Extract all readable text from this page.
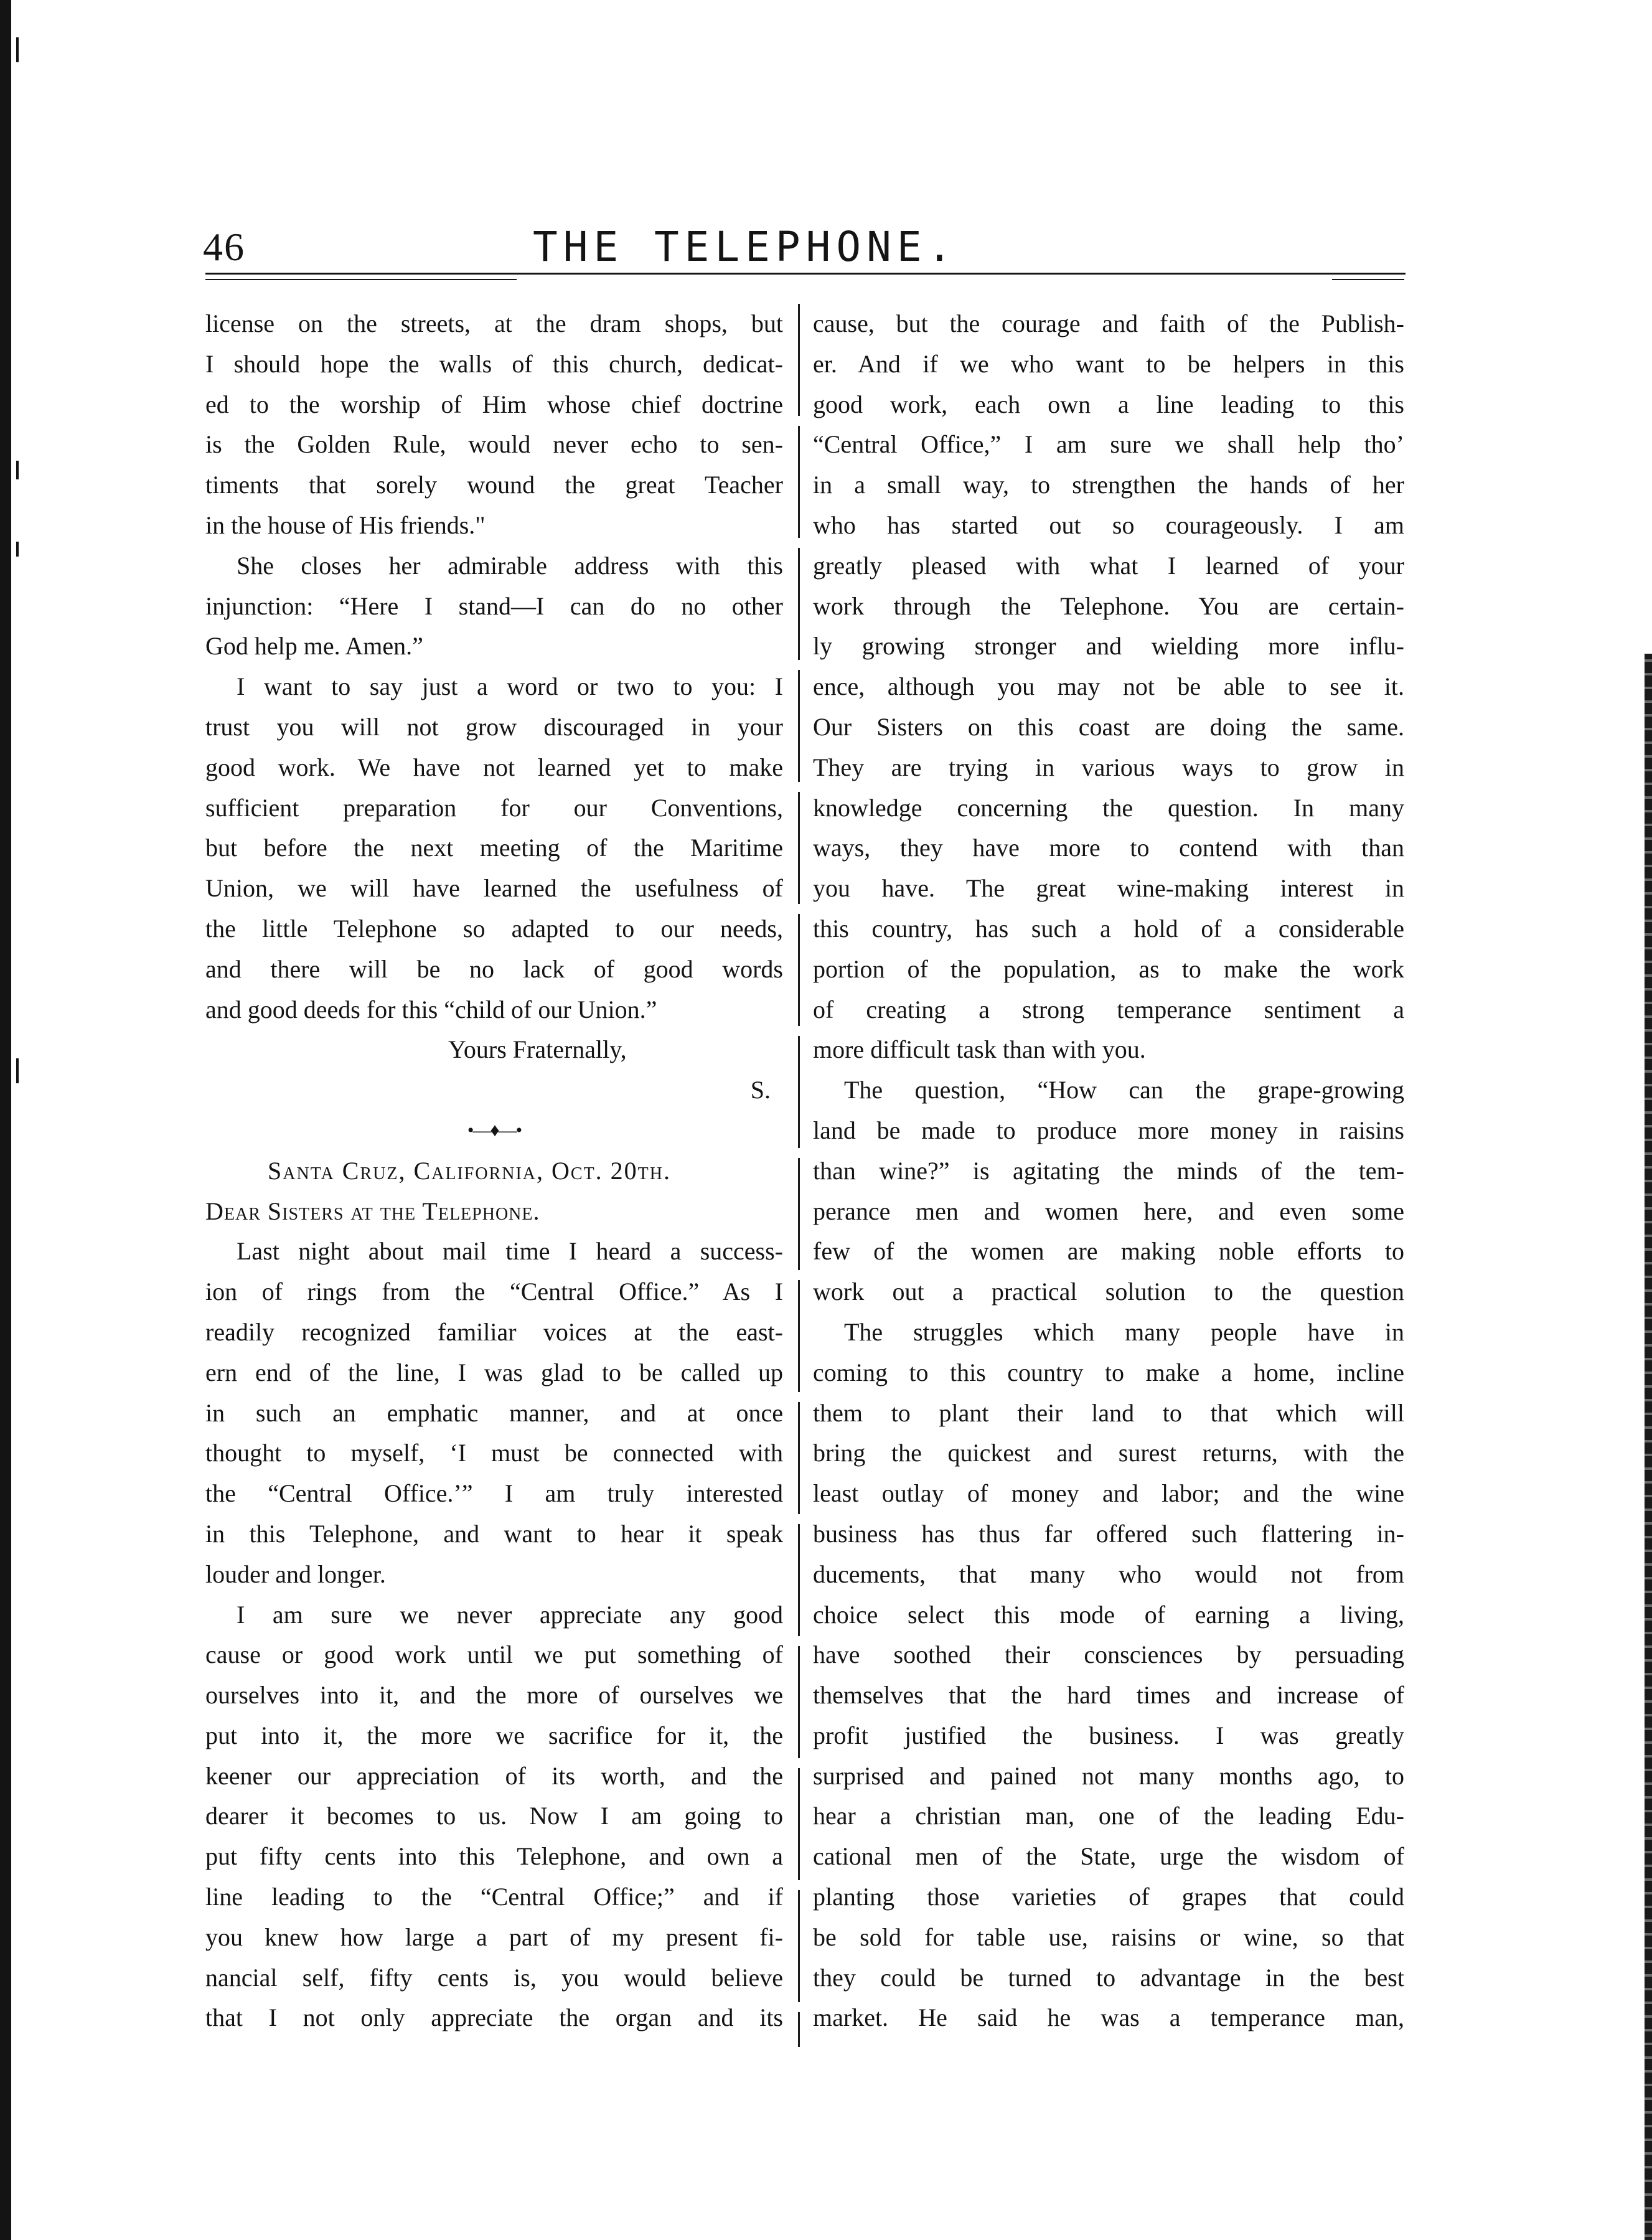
46	THE TELEPHONE.

license on the streets, at the dram shops, but
I should hope the walls of this church, dedicat-
ed to the worship of Him whose chief doctrine
is the Golden Rule, would never echo to sen-
timents that sorely wound the great Teacher
in the house of His friends."

She closes her admirable address with this
injunction: “Here I stand—I can do no other
God help me. Amen.”

I want to say just a word or two to you: I
trust you will not grow discouraged in your
good work. We have not learned yet to make
sufficient preparation for our Conventions,
but before the next meeting of the Maritime
Union, we will have learned the usefulness of
the little Telephone so adapted to our needs,
and there will be no lack of good words
and good deeds for this “child of our Union.”

Yours Fraternally,
S.
•—♦—•
Santa Cruz, California, Oct. 20th.
Dear Sisters at the Telephone.

Last night about mail time I heard a success-
ion of rings from the “Central Office.” As I
readily recognized familiar voices at the east-
ern end of the line, I was glad to be called up
in such an emphatic manner, and at once
thought to myself, ‘I must be connected with
the “Central Office.’” I am truly interested
in this Telephone, and want to hear it speak
louder and longer.

I am sure we never appreciate any good
cause or good work until we put something of
ourselves into it, and the more of ourselves we
put into it, the more we sacrifice for it, the
keener our appreciation of its worth, and the
dearer it becomes to us. Now I am going to
put fifty cents into this Telephone, and own a
line leading to the “Central Office;” and if
you knew how large a part of my present fi-
nancial self, fifty cents is, you would believe
that I not only appreciate the organ and its

cause, but the courage and faith of the Publish-
er. And if we who want to be helpers in this
good work, each own a line leading to this
“Central Office,” I am sure we shall help tho’
in a small way, to strengthen the hands of her
who has started out so courageously. I am
greatly pleased with what I learned of your
work through the Telephone. You are certain-
ly growing stronger and wielding more influ-
ence, although you may not be able to see it.
Our Sisters on this coast are doing the same.
They are trying in various ways to grow in
knowledge concerning the question. In many
ways, they have more to contend with than
you have. The great wine-making interest in
this country, has such a hold of a considerable
portion of the population, as to make the work
of creating a strong temperance sentiment a
more difficult task than with you.

The question, “How can the grape-growing
land be made to produce more money in raisins
than wine?” is agitating the minds of the tem-
perance men and women here, and even some
few of the women are making noble efforts to
work out a practical solution to the question

The struggles which many people have in
coming to this country to make a home, incline
them to plant their land to that which will
bring the quickest and surest returns, with the
least outlay of money and labor; and the wine
business has thus far offered such flattering in-
ducements, that many who would not from
choice select this mode of earning a living,
have soothed their consciences by persuading
themselves that the hard times and increase of
profit justified the business. I was greatly
surprised and pained not many months ago, to
hear a christian man, one of the leading Edu-
cational men of the State, urge the wisdom of
planting those varieties of grapes that could
be sold for table use, raisins or wine, so that
they could be turned to advantage in the best
market. He said he was a temperance man,
